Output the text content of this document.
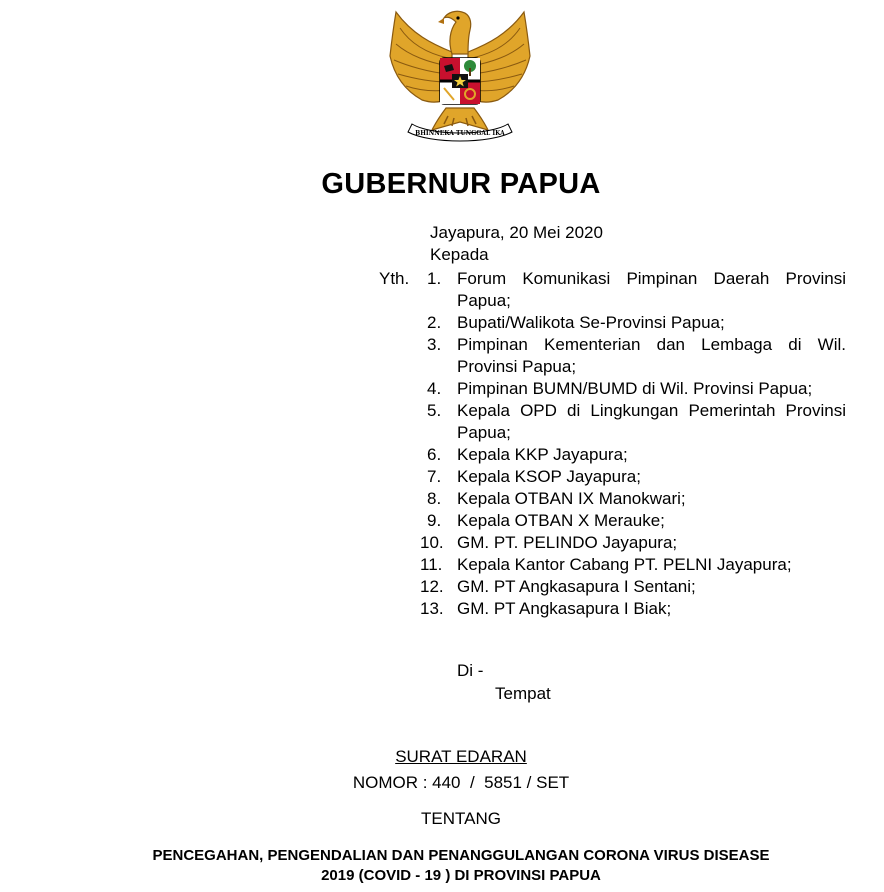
BHINNEKA TUNGGAL IKA
GUBERNUR PAPUA
Jayapura, 20 Mei 2020
Kepada
Yth.	1. Forum Komunikasi Pimpinan Daerah Provinsi Papua;
2. Bupati/Walikota Se-Provinsi Papua;
3. Pimpinan Kementerian dan Lembaga di Wil. Provinsi Papua;
4. Pimpinan BUMN/BUMD di Wil. Provinsi Papua;
5. Kepala OPD di Lingkungan Pemerintah Provinsi Papua;
6. Kepala KKP Jayapura;
7. Kepala KSOP Jayapura;
8. Kepala OTBAN IX Manokwari;
9. Kepala OTBAN X Merauke;
10. GM. PT. PELINDO Jayapura;
11. Kepala Kantor Cabang PT. PELNI Jayapura;
12. GM. PT Angkasapura I Sentani;
13. GM. PT Angkasapura I Biak;
Di -
Tempat
SURAT EDARAN
NOMOR : 440  /  5851 / SET
TENTANG
PENCEGAHAN, PENGENDALIAN DAN PENANGGULANGAN CORONA VIRUS DISEASE
2019 (COVID - 19 ) DI PROVINSI PAPUA
